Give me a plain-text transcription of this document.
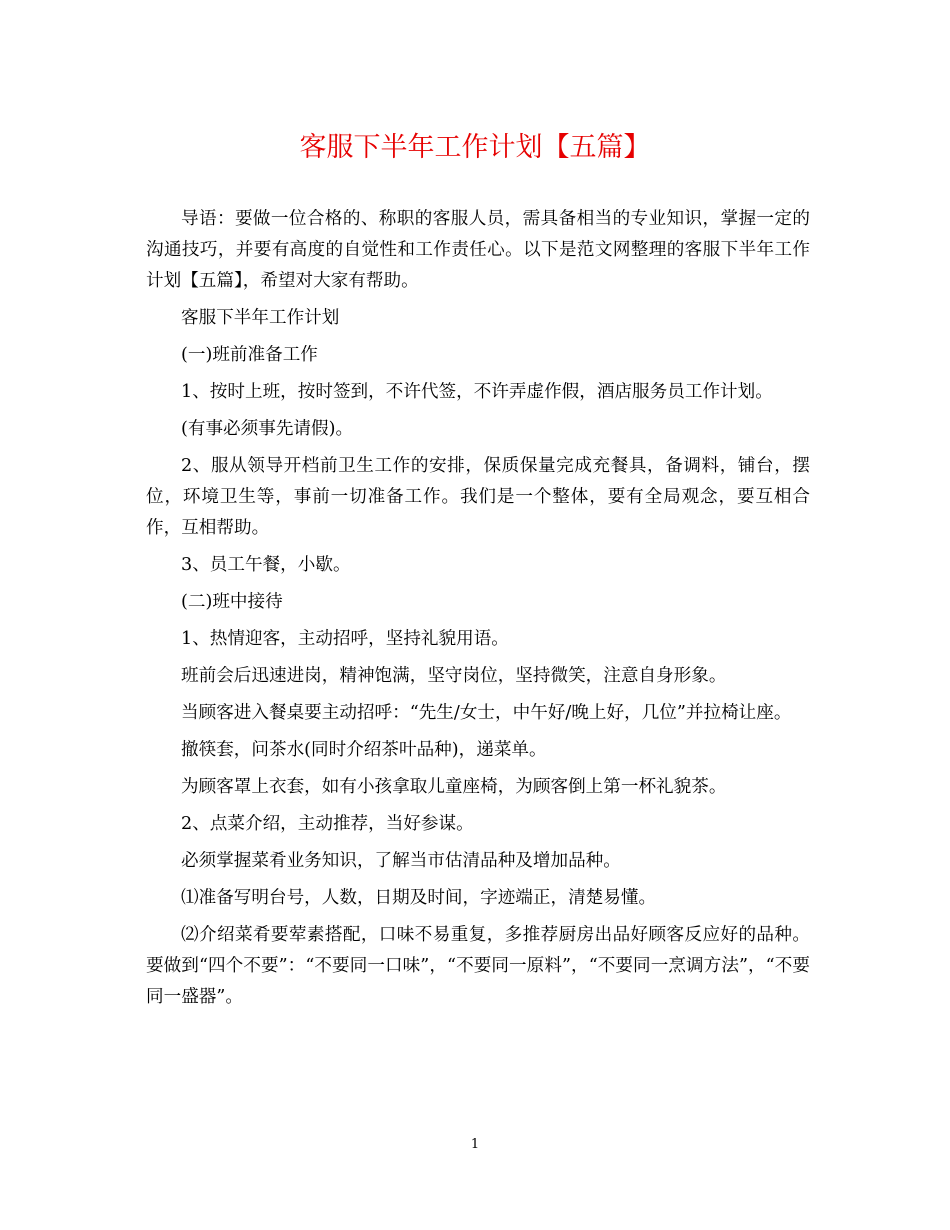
客服下半年工作计划【五篇】

导语：要做一位合格的、称职的客服人员，需具备相当的专业知识，掌握一定的沟通技巧，并要有高度的自觉性和工作责任心。以下是范文网整理的客服下半年工作计划【五篇】，希望对大家有帮助。

客服下半年工作计划

(一)班前准备工作

1、按时上班，按时签到，不许代签，不许弄虚作假，酒店服务员工作计划。

(有事必须事先请假)。

2、服从领导开档前卫生工作的安排，保质保量完成充餐具，备调料，铺台，摆位，环境卫生等，事前一切准备工作。我们是一个整体，要有全局观念，要互相合作，互相帮助。

3、员工午餐，小歇。

(二)班中接待

1、热情迎客，主动招呼，坚持礼貌用语。

班前会后迅速进岗，精神饱满，坚守岗位，坚持微笑，注意自身形象。

当顾客进入餐桌要主动招呼：“先生/女士，中午好/晚上好，几位”并拉椅让座。

撤筷套，问茶水(同时介绍茶叶品种)，递菜单。

为顾客罩上衣套，如有小孩拿取儿童座椅，为顾客倒上第一杯礼貌茶。

2、点菜介绍，主动推荐，当好参谋。

必须掌握菜肴业务知识，了解当市估清品种及增加品种。

⑴准备写明台号，人数，日期及时间，字迹端正，清楚易懂。

⑵介绍菜肴要荤素搭配，口味不易重复，多推荐厨房出品好顾客反应好的品种。要做到“四个不要”：“不要同一口味”，“不要同一原料”，“不要同一烹调方法”，“不要同一盛器”。

1
